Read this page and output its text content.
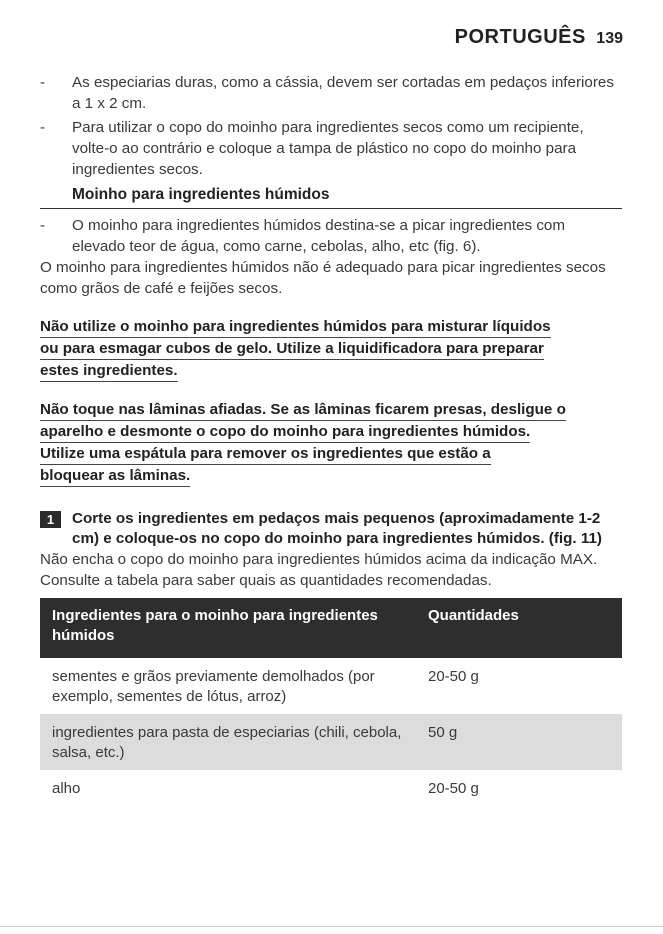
PORTUGUÊS 139
- As especiarias duras, como a cássia, devem ser cortadas em pedaços inferiores a 1 x 2 cm.
- Para utilizar o copo do moinho para ingredientes secos como um recipiente, volte-o ao contrário e coloque a tampa de plástico no copo do moinho para ingredientes secos.
Moinho para ingredientes húmidos
- O moinho para ingredientes húmidos destina-se a picar ingredientes com elevado teor de água, como carne, cebolas, alho, etc (fig. 6).
O moinho para ingredientes húmidos não é adequado para picar ingredientes secos como grãos de café e feijões secos.
Não utilize o moinho para ingredientes húmidos para misturar líquidos
ou para esmagar cubos de gelo. Utilize a liquidificadora para preparar
estes ingredientes.
Não toque nas lâminas afiadas. Se as lâminas ficarem presas, desligue o
aparelho e desmonte o copo do moinho para ingredientes húmidos.
Utilize uma espátula para remover os ingredientes que estão a
bloquear as lâminas.
1	Corte os ingredientes em pedaços mais pequenos (aproximadamente 1-2 cm) e coloque-os no copo do moinho para ingredientes húmidos. (fig. 11)
Não encha o copo do moinho para ingredientes húmidos acima da indicação MAX.
Consulte a tabela para saber quais as quantidades recomendadas.
Ingredientes para o moinho para ingredientes húmidos	Quantidades
sementes e grãos previamente demolhados (por exemplo, sementes de lótus, arroz)	20-50 g
ingredientes para pasta de especiarias (chili, cebola, salsa, etc.)	50 g
alho	20-50 g
